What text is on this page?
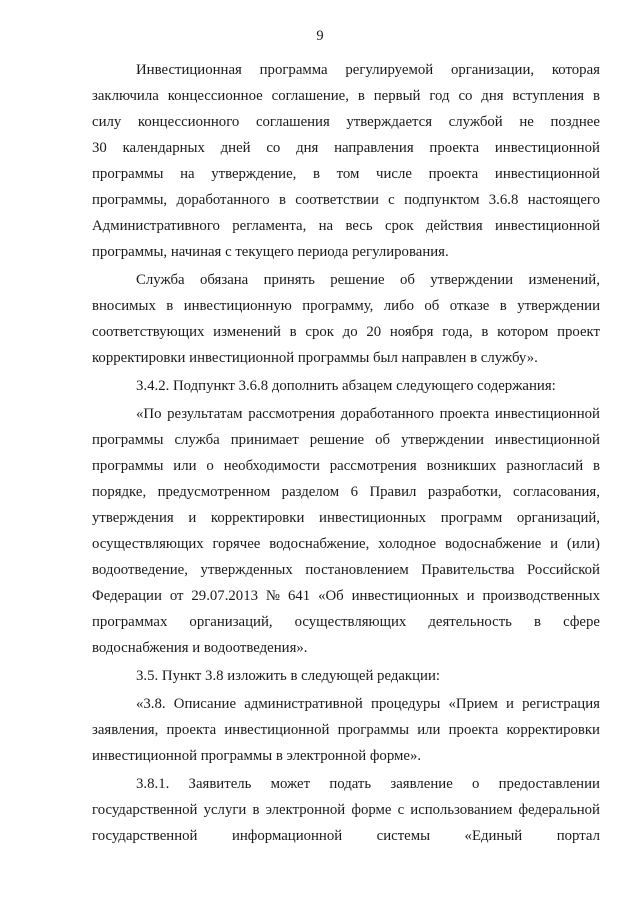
9
Инвестиционная программа регулируемой организации, которая
заключила концессионное соглашение, в первый год со дня вступления в
силу концессионного соглашения утверждается службой не позднее
30 календарных дней со дня направления проекта инвестиционной
программы на утверждение, в том числе проекта инвестиционной
программы, доработанного в соответствии с подпунктом 3.6.8 настоящего
Административного регламента, на весь срок действия инвестиционной
программы, начиная с текущего периода регулирования.
Служба обязана принять решение об утверждении изменений,
вносимых в инвестиционную программу, либо об отказе в утверждении
соответствующих изменений в срок до 20 ноября года, в котором проект
корректировки инвестиционной программы был направлен в службу».
3.4.2. Подпункт 3.6.8 дополнить абзацем следующего содержания:
«По результатам рассмотрения доработанного проекта инвестиционной
программы служба принимает решение об утверждении инвестиционной
программы или о необходимости рассмотрения возникших разногласий в
порядке, предусмотренном разделом 6 Правил разработки, согласования,
утверждения и корректировки инвестиционных программ организаций,
осуществляющих горячее водоснабжение, холодное водоснабжение и (или)
водоотведение, утвержденных постановлением Правительства Российской
Федерации от 29.07.2013 № 641 «Об инвестиционных и производственных
программах организаций, осуществляющих деятельность в сфере
водоснабжения и водоотведения».
3.5. Пункт 3.8 изложить в следующей редакции:
«3.8. Описание административной процедуры «Прием и регистрация
заявления, проекта инвестиционной программы или проекта корректировки
инвестиционной программы в электронной форме».
3.8.1. Заявитель может подать заявление о предоставлении
государственной услуги в электронной форме с использованием федеральной
государственной информационной системы «Единый портал
